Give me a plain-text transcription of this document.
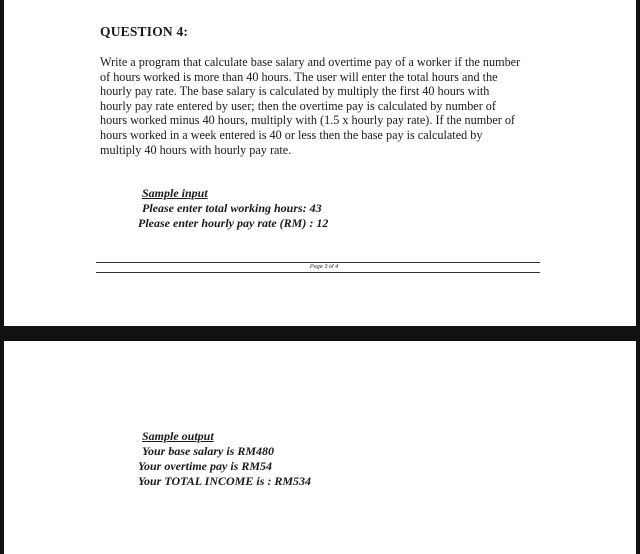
QUESTION 4:
Write a program that calculate base salary and overtime pay of a worker if the number
of hours worked is more than 40 hours. The user will enter the total hours and the
hourly pay rate. The base salary is calculated by multiply the first 40 hours with
hourly pay rate entered by user; then the overtime pay is calculated by number of
hours worked minus 40 hours, multiply with (1.5 x hourly pay rate). If the number of
hours worked in a week entered is 40 or less then the base pay is calculated by
multiply 40 hours with hourly pay rate.
Sample input
Please enter total working hours: 43
Please enter hourly pay rate (RM) : 12
Page 3 of 4
Sample output
Your base salary is RM480
Your overtime pay is RM54
Your TOTAL INCOME is : RM534
